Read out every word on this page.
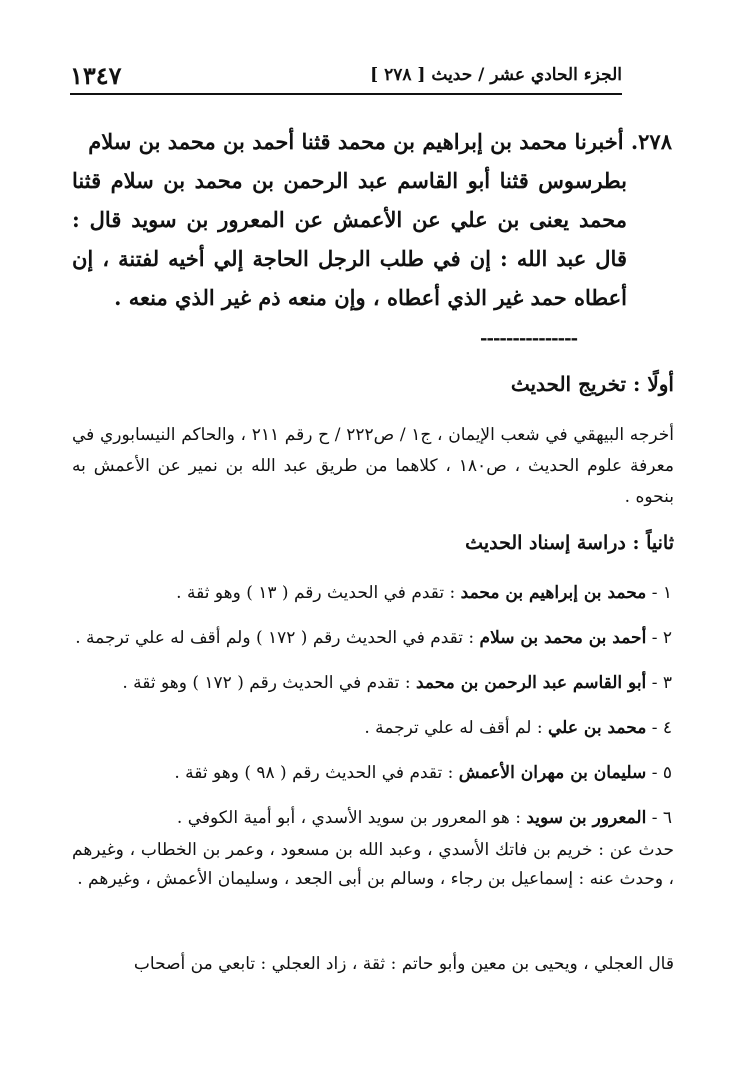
الجزء الحادي عشر / حديث [ ٢٧٨ ]
١٣٤٧
٢٧٨. أخبرنا محمد بن إبراهيم بن محمد قثنا أحمد بن محمد بن سلام
بطرسوس قثنا أبو القاسم عبد الرحمن بن محمد بن سلام قثنا محمد يعنى بن علي عن الأعمش عن المعرور بن سويد قال : قال عبد الله : إن في طلب الرجل الحاجة إلي أخيه لفتنة ، إن أعطاه حمد غير الذي أعطاه ، وإن منعه ذم غير الذي منعه .
---------------
أولًا : تخريج الحديث
أخرجه البيهقي في شعب الإيمان ، ج١ / ص٢٢٢ / ح رقم ٢١١ ، والحاكم النيسابوري في معرفة علوم الحديث ، ص١٨٠ ، كلاهما من طريق عبد الله بن نمير عن الأعمش به بنحوه .
ثانياً : دراسة إسناد الحديث
١ - محمد بن إبراهيم بن محمد : تقدم في الحديث رقم ( ١٣ ) وهو ثقة .
٢ - أحمد بن محمد بن سلام : تقدم في الحديث رقم ( ١٧٢ ) ولم أقف له علي ترجمة .
٣ - أبو القاسم عبد الرحمن بن محمد : تقدم في الحديث رقم ( ١٧٢ ) وهو ثقة .
٤ - محمد بن علي : لم أقف له علي ترجمة .
٥ - سليمان بن مهران الأعمش : تقدم في الحديث رقم ( ٩٨ ) وهو ثقة .
٦ - المعرور بن سويد : هو المعرور بن سويد الأسدي ، أبو أمية الكوفي .
حدث عن : خريم بن فاتك الأسدي ، وعبد الله بن مسعود ، وعمر بن الخطاب ، وغيرهم ، وحدث عنه : إسماعيل بن رجاء ، وسالم بن أبى الجعد ، وسليمان الأعمش ، وغيرهم .
قال العجلي ، ويحيى بن معين وأبو حاتم : ثقة ، زاد العجلي : تابعي من أصحاب
